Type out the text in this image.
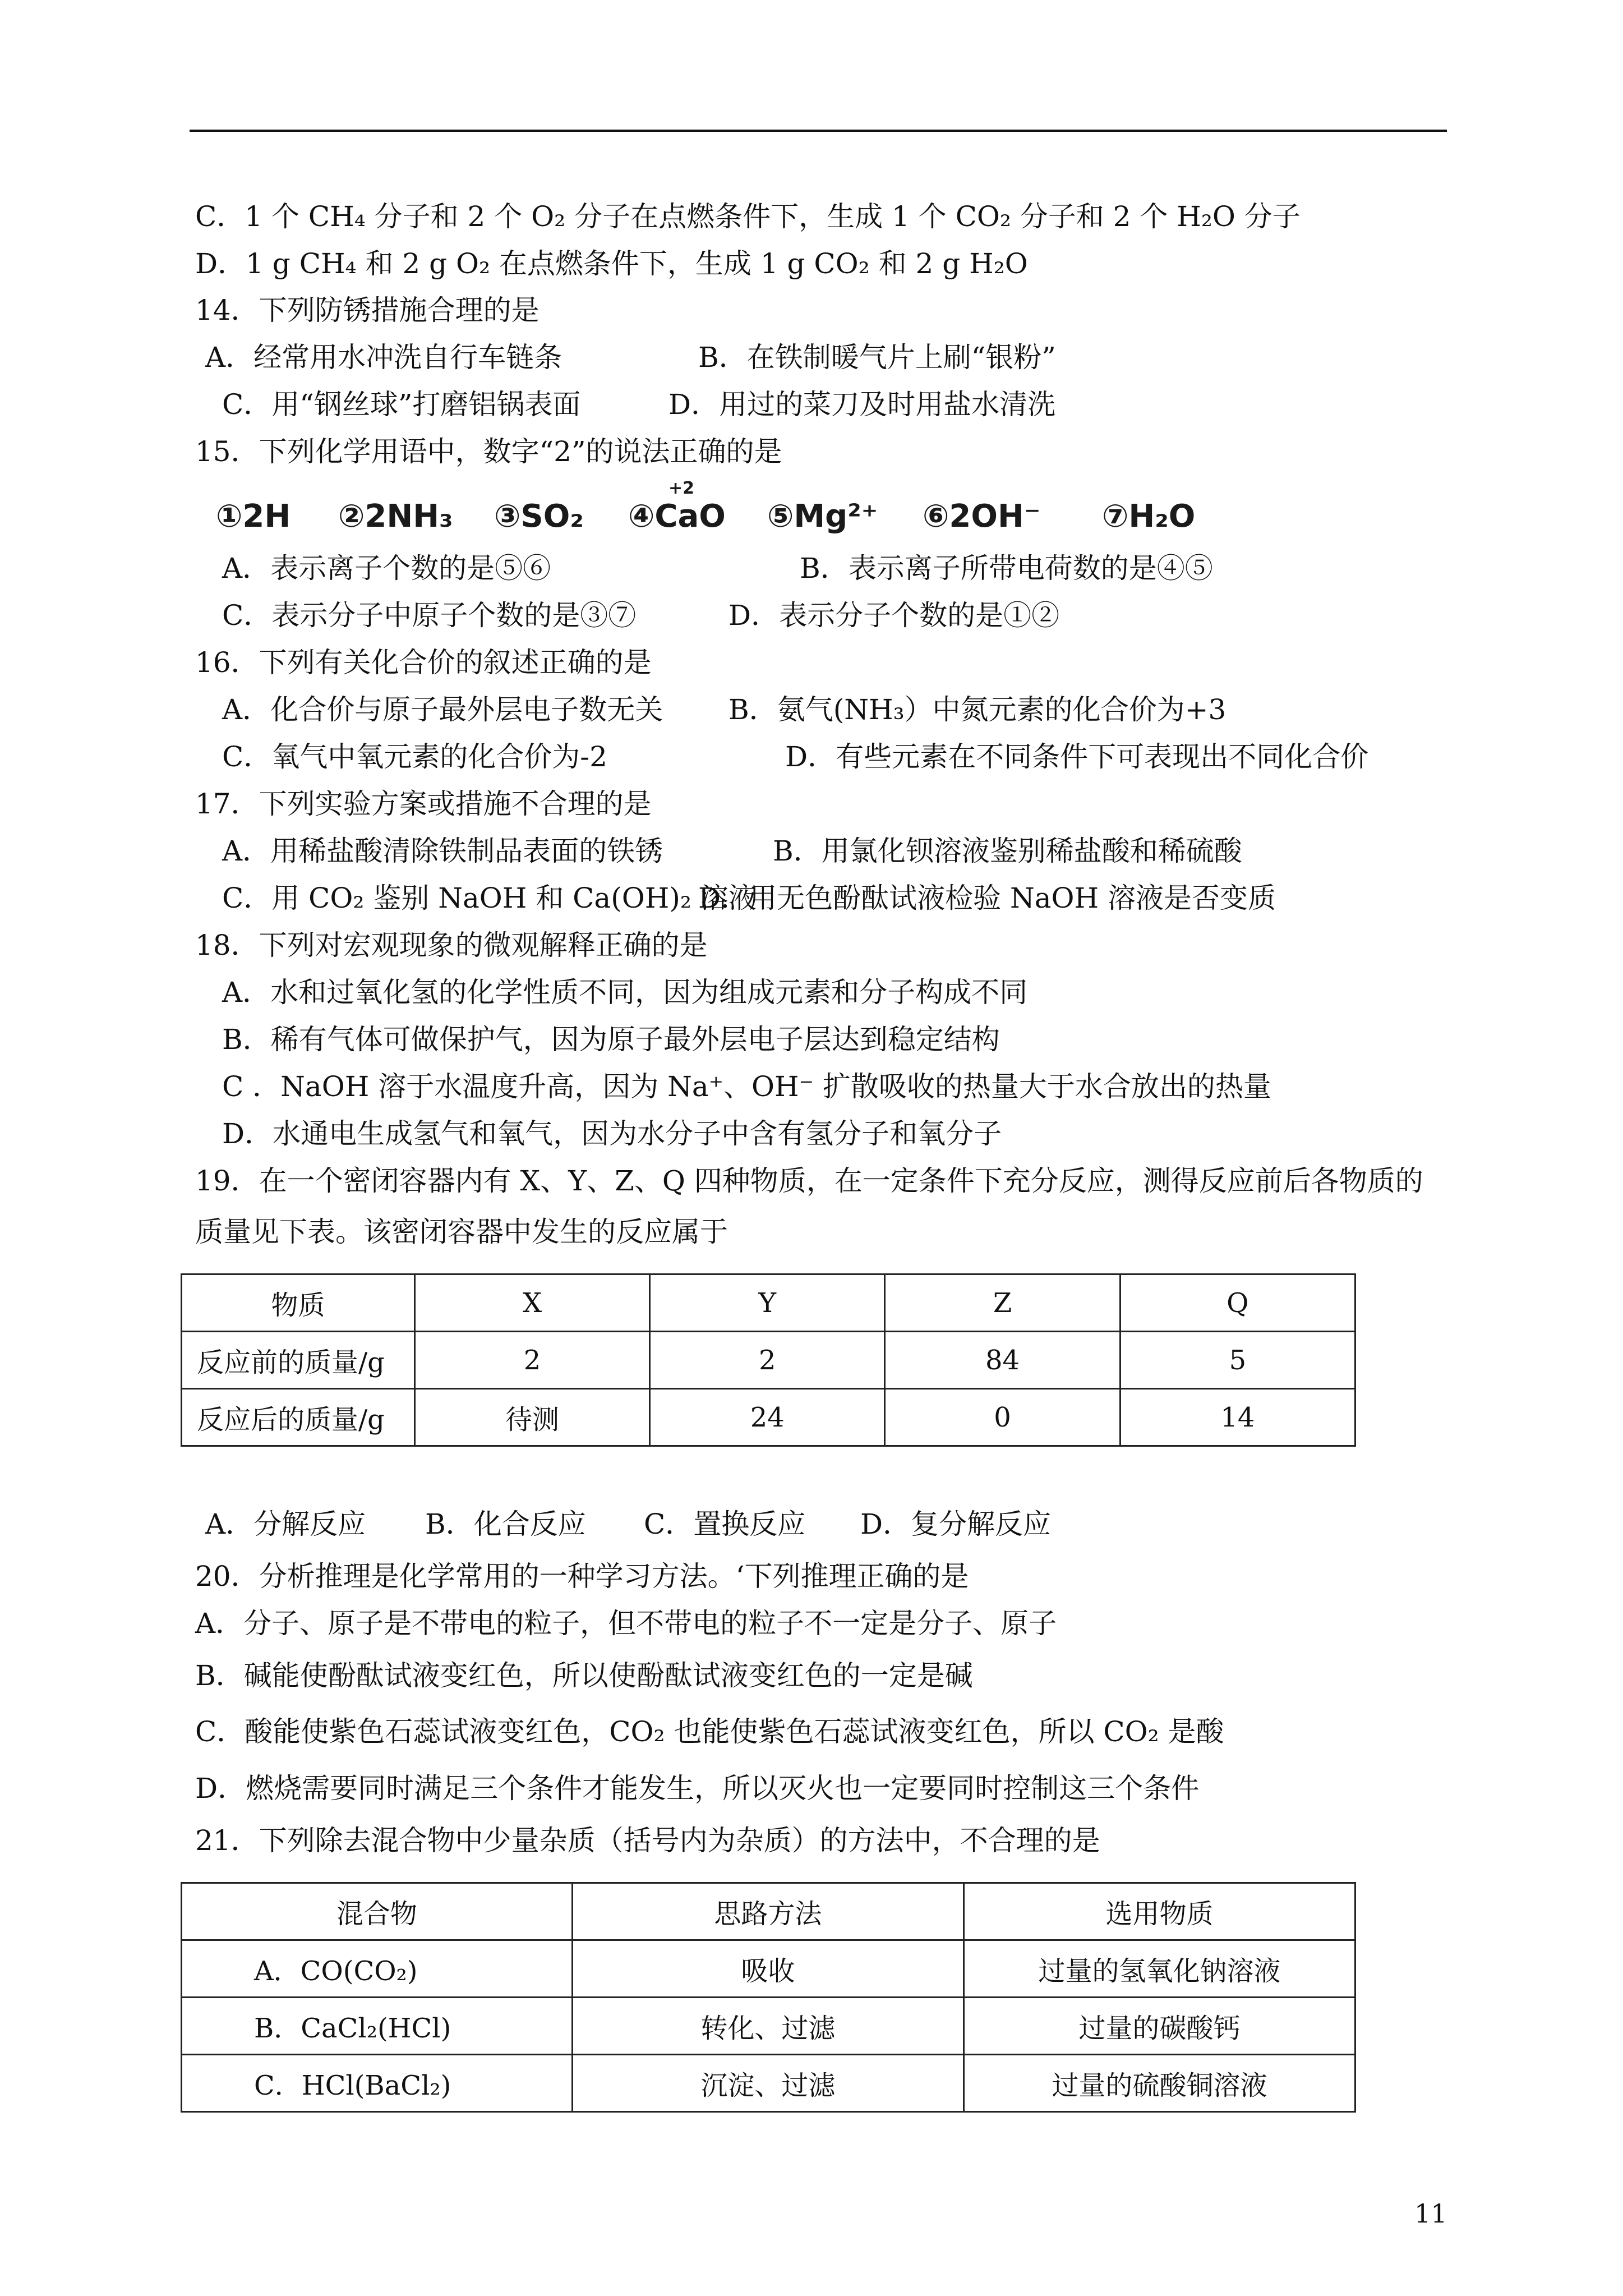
C．1 个 CH₄ 分子和 2 个 O₂ 分子在点燃条件下，生成 1 个 CO₂ 分子和 2 个 H₂O 分子
D．1 g CH₄ 和 2 g O₂ 在点燃条件下，生成 1 g CO₂ 和 2 g H₂O
14．下列防锈措施合理的是
A．经常用水冲洗自行车链条	B．在铁制暖气片上刷“银粉”
C．用“钢丝球”打磨铝锅表面	D．用过的菜刀及时用盐水清洗
15．下列化学用语中，数字“2”的说法正确的是
①2H ②2NH₃ ③SO₂
+2
④CaO ⑤Mg²⁺ ⑥2OH⁻ ⑦H₂O
A．表示离子个数的是⑤⑥	B．表示离子所带电荷数的是④⑤
C．表示分子中原子个数的是③⑦	D．表示分子个数的是①②
16．下列有关化合价的叙述正确的是
A．化合价与原子最外层电子数无关 B．氨气(NH₃）中氮元素的化合价为+3
C．氧气中氧元素的化合价为-2	D．有些元素在不同条件下可表现出不同化合价
17．下列实验方案或措施不合理的是
A．用稀盐酸清除铁制品表面的铁锈	B．用氯化钡溶液鉴别稀盐酸和稀硫酸
C．用 CO₂ 鉴别 NaOH 和 Ca(OH)₂ 溶液
D．用无色酚酞试液检验 NaOH 溶液是否变质
18．下列对宏观现象的微观解释正确的是
A．水和过氧化氢的化学性质不同，因为组成元素和分子构成不同
B．稀有气体可做保护气，因为原子最外层电子层达到稳定结构
C ．NaOH 溶于水温度升高，因为 Na⁺、OH⁻ 扩散吸收的热量大于水合放出的热量
D．水通电生成氢气和氧气，因为水分子中含有氢分子和氧分子
19．在一个密闭容器内有 X、Y、Z、Q 四种物质，在一定条件下充分反应，测得反应前后各物质的
质量见下表。该密闭容器中发生的反应属于
物质	X	Y	Z	Q
反应前的质量/g	2	2	84	5
反应后的质量/g	待测	24	0	14
A．分解反应 B．化合反应 C．置换反应 D．复分解反应
20．分析推理是化学常用的一种学习方法。‘下列推理正确的是
A．分子、原子是不带电的粒子，但不带电的粒子不一定是分子、原子
B．碱能使酚酞试液变红色，所以使酚酞试液变红色的一定是碱
C．酸能使紫色石蕊试液变红色，CO₂ 也能使紫色石蕊试液变红色，所以 CO₂ 是酸
D．燃烧需要同时满足三个条件才能发生，所以灭火也一定要同时控制这三个条件
21．下列除去混合物中少量杂质（括号内为杂质）的方法中，不合理的是
混合物	思路方法	选用物质
A．CO(CO₂)	吸收	过量的氢氧化钠溶液
B．CaCl₂(HCl)	转化、过滤	过量的碳酸钙
C．HCl(BaCl₂)	沉淀、过滤	过量的硫酸铜溶液
11
